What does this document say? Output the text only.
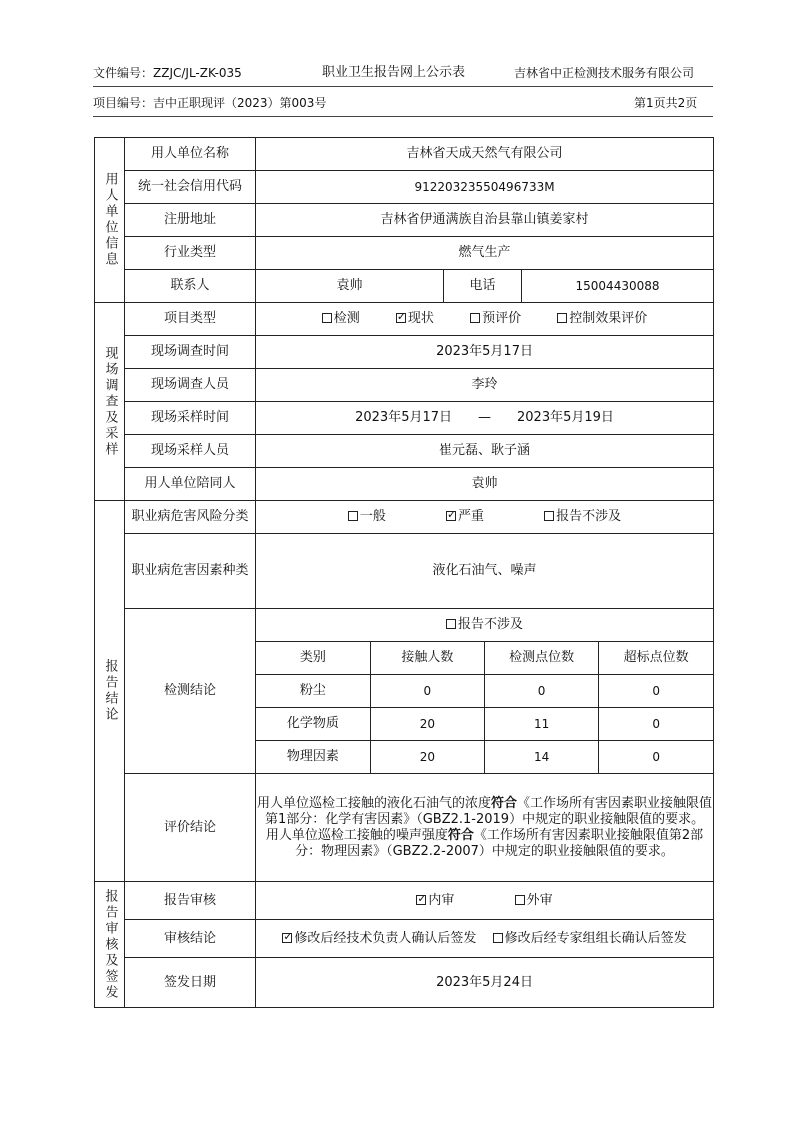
文件编号：ZZJC/JL-ZK-035	职业卫生报告网上公示表	吉林省中正检测技术服务有限公司
项目编号：吉中正职现评（2023）第003号	第1页共2页
用人单位信息	用人单位名称	吉林省天成天然气有限公司
统一社会信用代码	91220323550496733M
注册地址	吉林省伊通满族自治县靠山镇姜家村
行业类型	燃气生产
联系人	袁帅	电话	15004430088
现场调查及采样	项目类型	检测 ✓	现状	预评价	控制效果评价
现场调查时间	2023年5月17日
现场调查人员	李玲
现场采样时间	2023年5月17日 — 2023年5月19日
现场采样人员	崔元磊、耿子涵
用人单位陪同人	袁帅
报告结论	职业病危害风险分类	一般 ✓	严重	报告不涉及
职业病危害因素种类	液化石油气、噪声
检测结论	
报告不涉及
类别	接触人数	检测点位数	超标点位数
粉尘	0	0	0
化学物质	20	11	0
物理因素	20	14	0

评价结论	

用人单位巡检工接触的液化石油气的浓度符合《工作场所有害因素职业接触限值第1部分：化学有害因素》（GBZ2.1-2019）中规定的职业接触限值的要求。

用人单位巡检工接触的噪声强度符合《工作场所有害因素职业接触限值第2部分：物理因素》（GBZ2.2-2007）中规定的职业接触限值的要求。

报告审核及签发	报告审核	✓内审	外审
审核结论	✓修改后经技术负责人确认后签发 修改后经专家组组长确认后签发
签发日期	2023年5月24日
